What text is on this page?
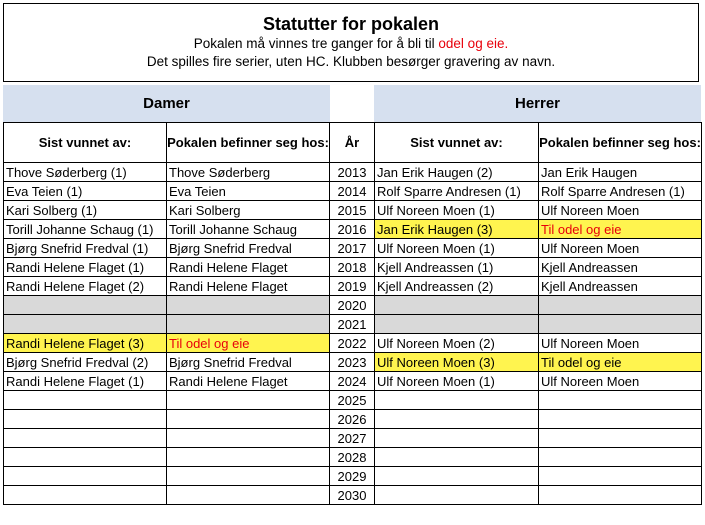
Statutter for pokalen
Pokalen må vinnes tre ganger for å bli til odel og eie.
Det spilles fire serier, uten HC. Klubben besørger gravering av navn.
Damer	Herrer
Sist vunnet av:	Pokalen befinner seg hos:	År	Sist vunnet av:	Pokalen befinner seg hos:
Thove Søderberg (1)	Thove Søderberg	2013	Jan Erik Haugen (2)	Jan Erik Haugen
Eva Teien (1)	Eva Teien	2014	Rolf Sparre Andresen (1)	Rolf Sparre Andresen (1)
Kari Solberg (1)	Kari Solberg	2015	Ulf Noreen Moen (1)	Ulf Noreen Moen
Torill Johanne Schaug (1)	Torill Johanne Schaug	2016	Jan Erik Haugen (3)	Til odel og eie
Bjørg Snefrid Fredval (1)	Bjørg Snefrid Fredval	2017	Ulf Noreen Moen (1)	Ulf Noreen Moen
Randi Helene Flaget (1)	Randi Helene Flaget	2018	Kjell Andreassen (1)	Kjell Andreassen
Randi Helene Flaget (2)	Randi Helene Flaget	2019	Kjell Andreassen (2)	Kjell Andreassen
		2020		
		2021		
Randi Helene Flaget (3)	Til odel og eie	2022	Ulf Noreen Moen (2)	Ulf Noreen Moen
Bjørg Snefrid Fredval (2)	Bjørg Snefrid Fredval	2023	Ulf Noreen Moen (3)	Til odel og eie
Randi Helene Flaget (1)	Randi Helene Flaget	2024	Ulf Noreen Moen (1)	Ulf Noreen Moen
		2025		
		2026		
		2027		
		2028		
		2029		
		2030		
